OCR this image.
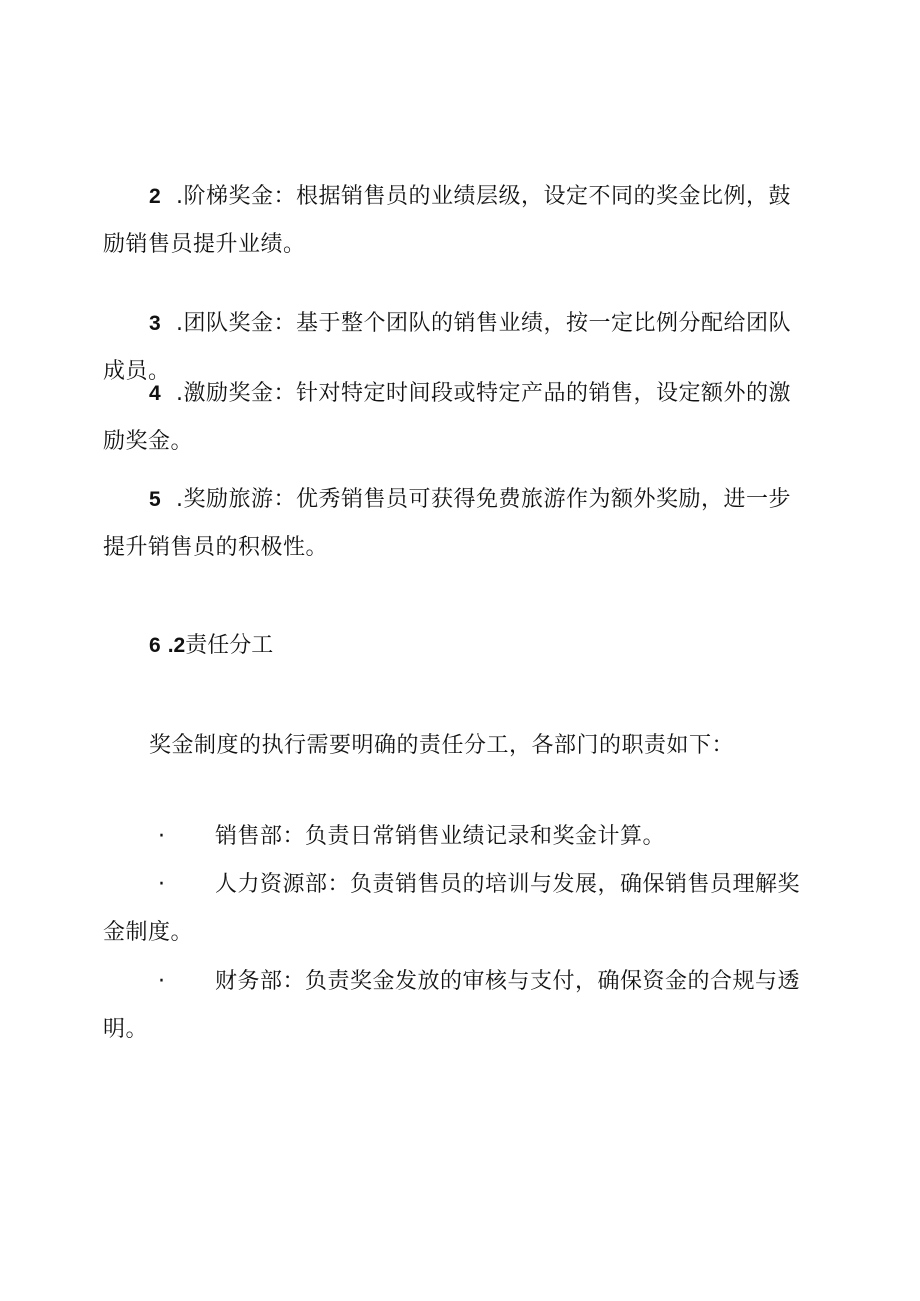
2 .阶梯奖金：根据销售员的业绩层级，设定不同的奖金比例，鼓
励销售员提升业绩。
3 .团队奖金：基于整个团队的销售业绩，按一定比例分配给团队
成员。
4 .激励奖金：针对特定时间段或特定产品的销售，设定额外的激
励奖金。
5 .奖励旅游：优秀销售员可获得免费旅游作为额外奖励，进一步
提升销售员的积极性。
6 .2责任分工
奖金制度的执行需要明确的责任分工，各部门的职责如下：
· 销售部：负责日常销售业绩记录和奖金计算。
· 人力资源部：负责销售员的培训与发展，确保销售员理解奖
金制度。
· 财务部：负责奖金发放的审核与支付，确保资金的合规与透
明。
